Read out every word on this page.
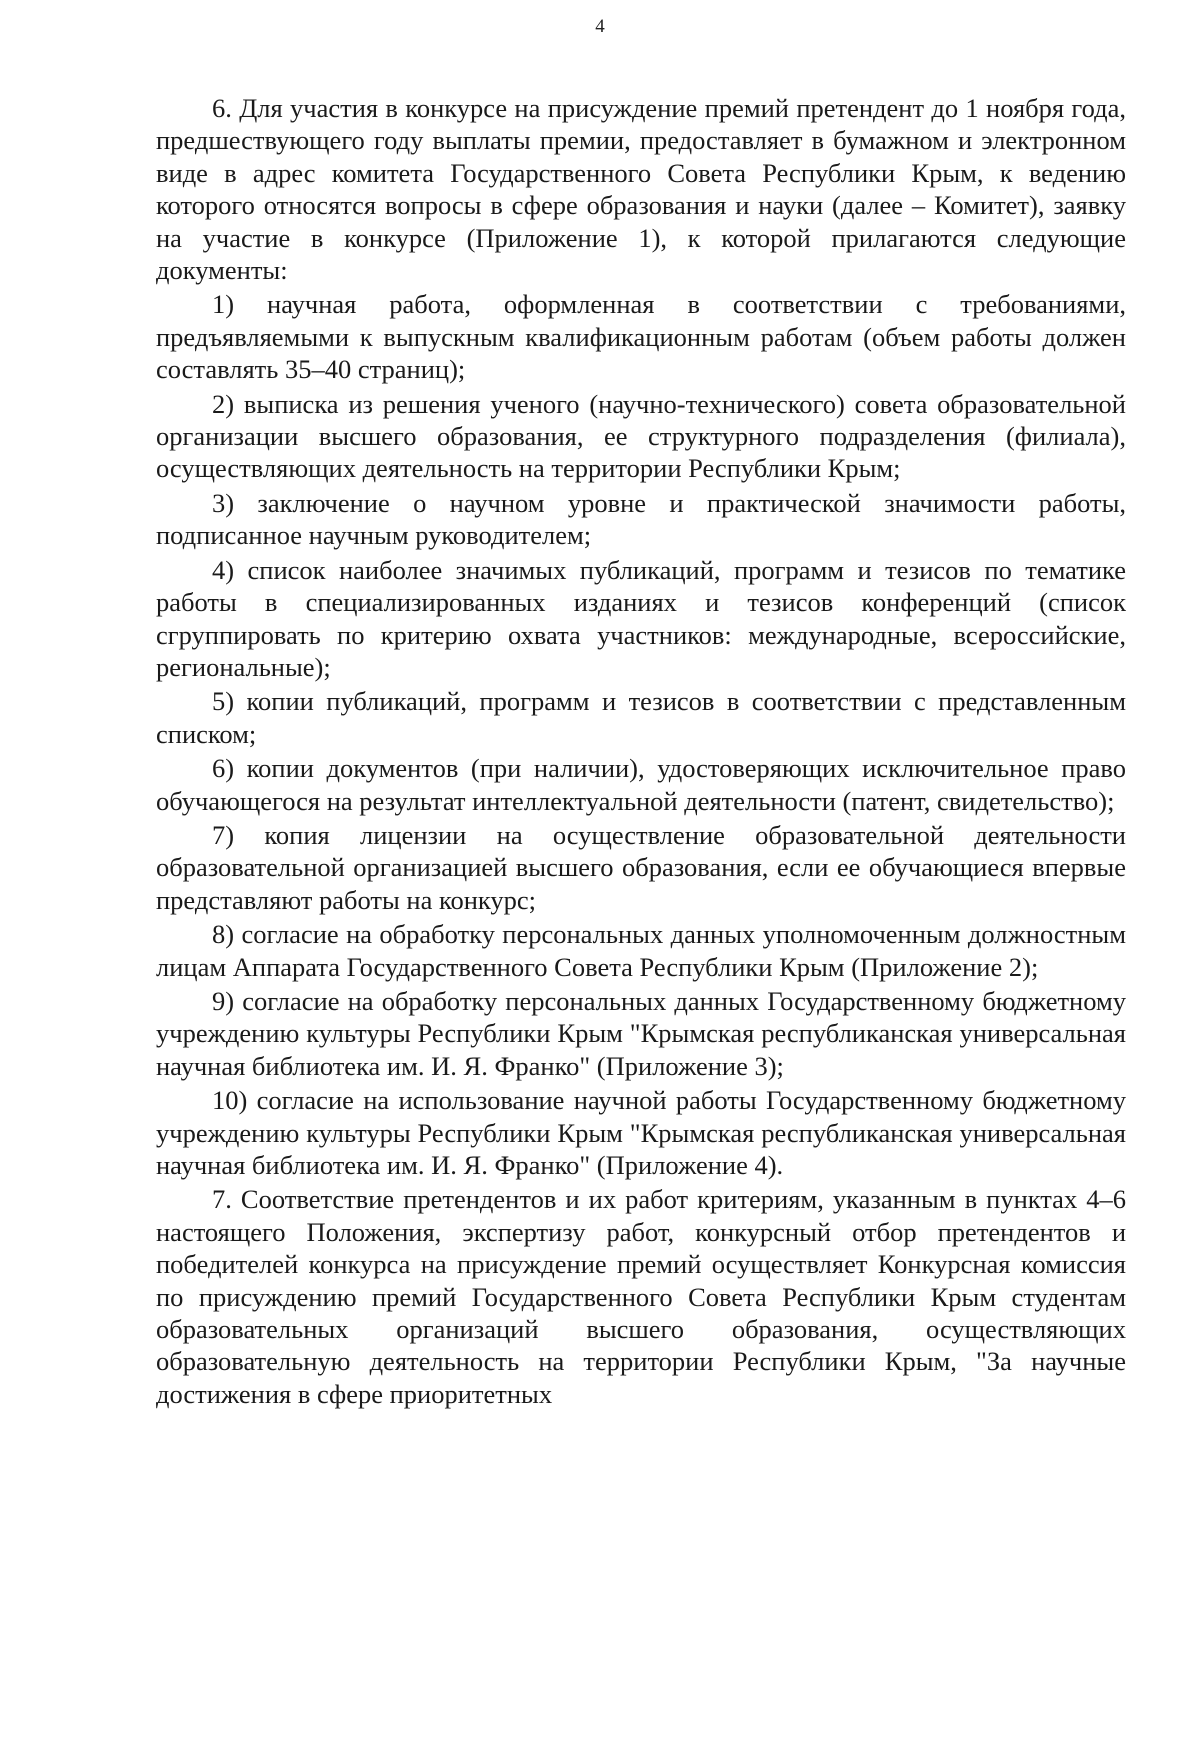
4

6. Для участия в конкурсе на присуждение премий претендент до 1 ноября года, предшествующего году выплаты премии, предоставляет в бумажном и электронном виде в адрес комитета Государственного Совета Республики Крым, к ведению которого относятся вопросы в сфере образования и науки (далее – Комитет), заявку на участие в конкурсе (Приложение 1), к которой прилагаются следующие документы:

1) научная работа, оформленная в соответствии с требованиями, предъявляемыми к выпускным квалификационным работам (объем работы должен составлять 35–40 страниц);

2) выписка из решения ученого (научно-технического) совета образовательной организации высшего образования, ее структурного подразделения (филиала), осуществляющих деятельность на территории Республики Крым;

3) заключение о научном уровне и практической значимости работы, подписанное научным руководителем;

4) список наиболее значимых публикаций, программ и тезисов по тематике работы в специализированных изданиях и тезисов конференций (список сгруппировать по критерию охвата участников: международные, всероссийские, региональные);

5) копии публикаций, программ и тезисов в соответствии с представленным списком;

6) копии документов (при наличии), удостоверяющих исключительное право обучающегося на результат интеллектуальной деятельности (патент, свидетельство);

7) копия лицензии на осуществление образовательной деятельности образовательной организацией высшего образования, если ее обучающиеся впервые представляют работы на конкурс;

8) согласие на обработку персональных данных уполномоченным должностным лицам Аппарата Государственного Совета Республики Крым (Приложение 2);

9) согласие на обработку персональных данных Государственному бюджетному учреждению культуры Республики Крым "Крымская республиканская универсальная научная библиотека им. И. Я. Франко" (Приложение 3);

10) согласие на использование научной работы Государственному бюджетному учреждению культуры Республики Крым "Крымская республиканская универсальная научная библиотека им. И. Я. Франко" (Приложение 4).

7. Соответствие претендентов и их работ критериям, указанным в пунктах 4–6 настоящего Положения, экспертизу работ, конкурсный отбор претендентов и победителей конкурса на присуждение премий осуществляет Конкурсная комиссия по присуждению премий Государственного Совета Республики Крым студентам образовательных организаций высшего образования, осуществляющих образовательную деятельность на территории Республики Крым, "За научные достижения в сфере приоритетных
